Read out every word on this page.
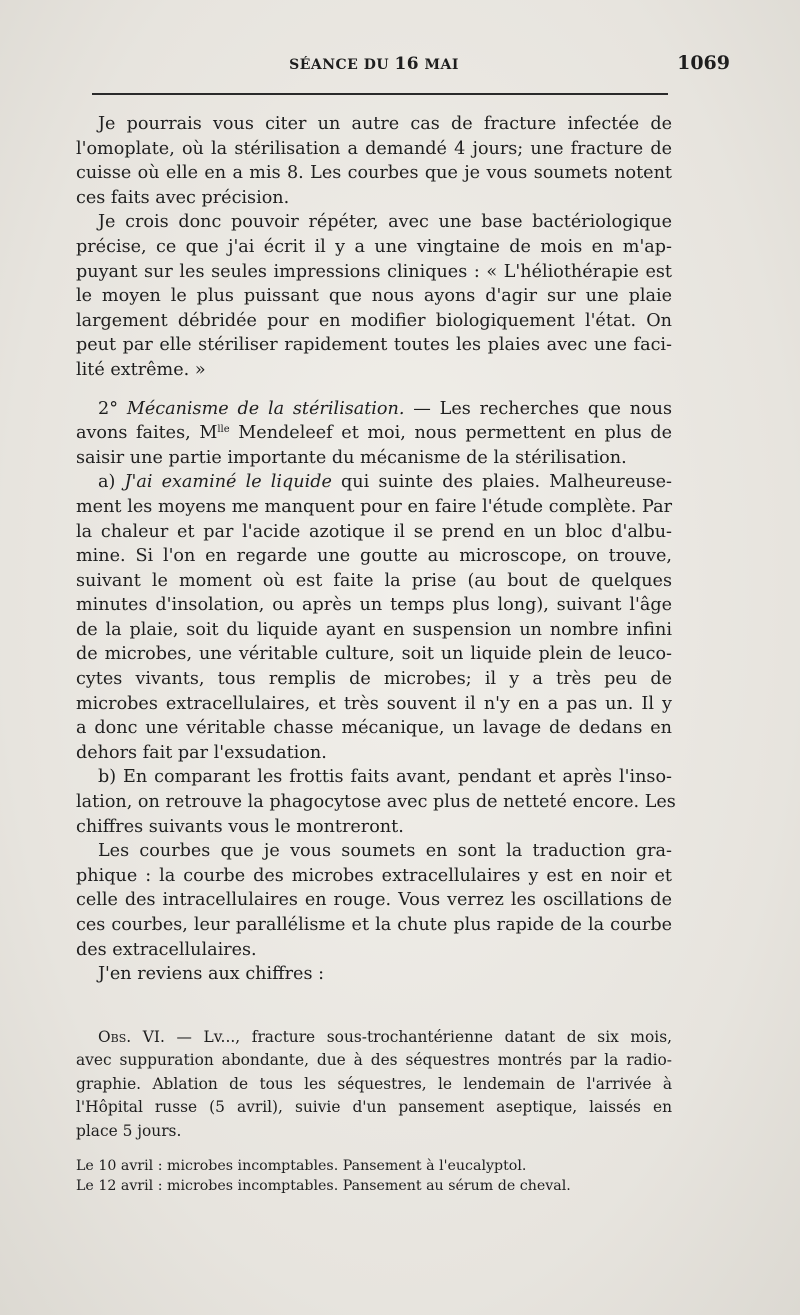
SÉANCE DU 16 MAI	1069
Je pourrais vous citer un autre cas de fracture infectée de
l'omoplate, où la stérilisation a demandé 4 jours; une fracture de
cuisse où elle en a mis 8. Les courbes que je vous soumets notent
ces faits avec précision.
Je crois donc pouvoir répéter, avec une base bactériologique
précise, ce que j'ai écrit il y a une vingtaine de mois en m'ap-
puyant sur les seules impressions cliniques : « L'héliothérapie est
le moyen le plus puissant que nous ayons d'agir sur une plaie
largement débridée pour en modifier biologiquement l'état. On
peut par elle stériliser rapidement toutes les plaies avec une faci-
lité extrême. »
2° Mécanisme de la stérilisation. — Les recherches que nous
avons faites, $M^{lle}$ Mendeleef et moi, nous permettent en plus de
saisir une partie importante du mécanisme de la stérilisation.
a) J'ai examiné le liquide qui suinte des plaies. Malheureuse-
ment les moyens me manquent pour en faire l'étude complète. Par
la chaleur et par l'acide azotique il se prend en un bloc d'albu-
mine. Si l'on en regarde une goutte au microscope, on trouve,
suivant le moment où est faite la prise (au bout de quelques
minutes d'insolation, ou après un temps plus long), suivant l'âge
de la plaie, soit du liquide ayant en suspension un nombre infini
de microbes, une véritable culture, soit un liquide plein de leuco-
cytes vivants, tous remplis de microbes; il y a très peu de
microbes extracellulaires, et très souvent il n'y en a pas un. Il y
a donc une véritable chasse mécanique, un lavage de dedans en
dehors fait par l'exsudation.
b) En comparant les frottis faits avant, pendant et après l'inso-
lation, on retrouve la phagocytose avec plus de netteté encore. Les
chiffres suivants vous le montreront.
Les courbes que je vous soumets en sont la traduction gra-
phique : la courbe des microbes extracellulaires y est en noir et
celle des intracellulaires en rouge. Vous verrez les oscillations de
ces courbes, leur parallélisme et la chute plus rapide de la courbe
des extracellulaires.
J'en reviens aux chiffres :
Obs. VI. — Lv..., fracture sous-trochantérienne datant de six mois,
avec suppuration abondante, due à des séquestres montrés par la radio-
graphie. Ablation de tous les séquestres, le lendemain de l'arrivée à
l'Hôpital russe (5 avril), suivie d'un pansement aseptique, laissés en
place 5 jours.
Le 10 avril : microbes incomptables. Pansement à l'eucalyptol.
Le 12 avril : microbes incomptables. Pansement au sérum de cheval.
